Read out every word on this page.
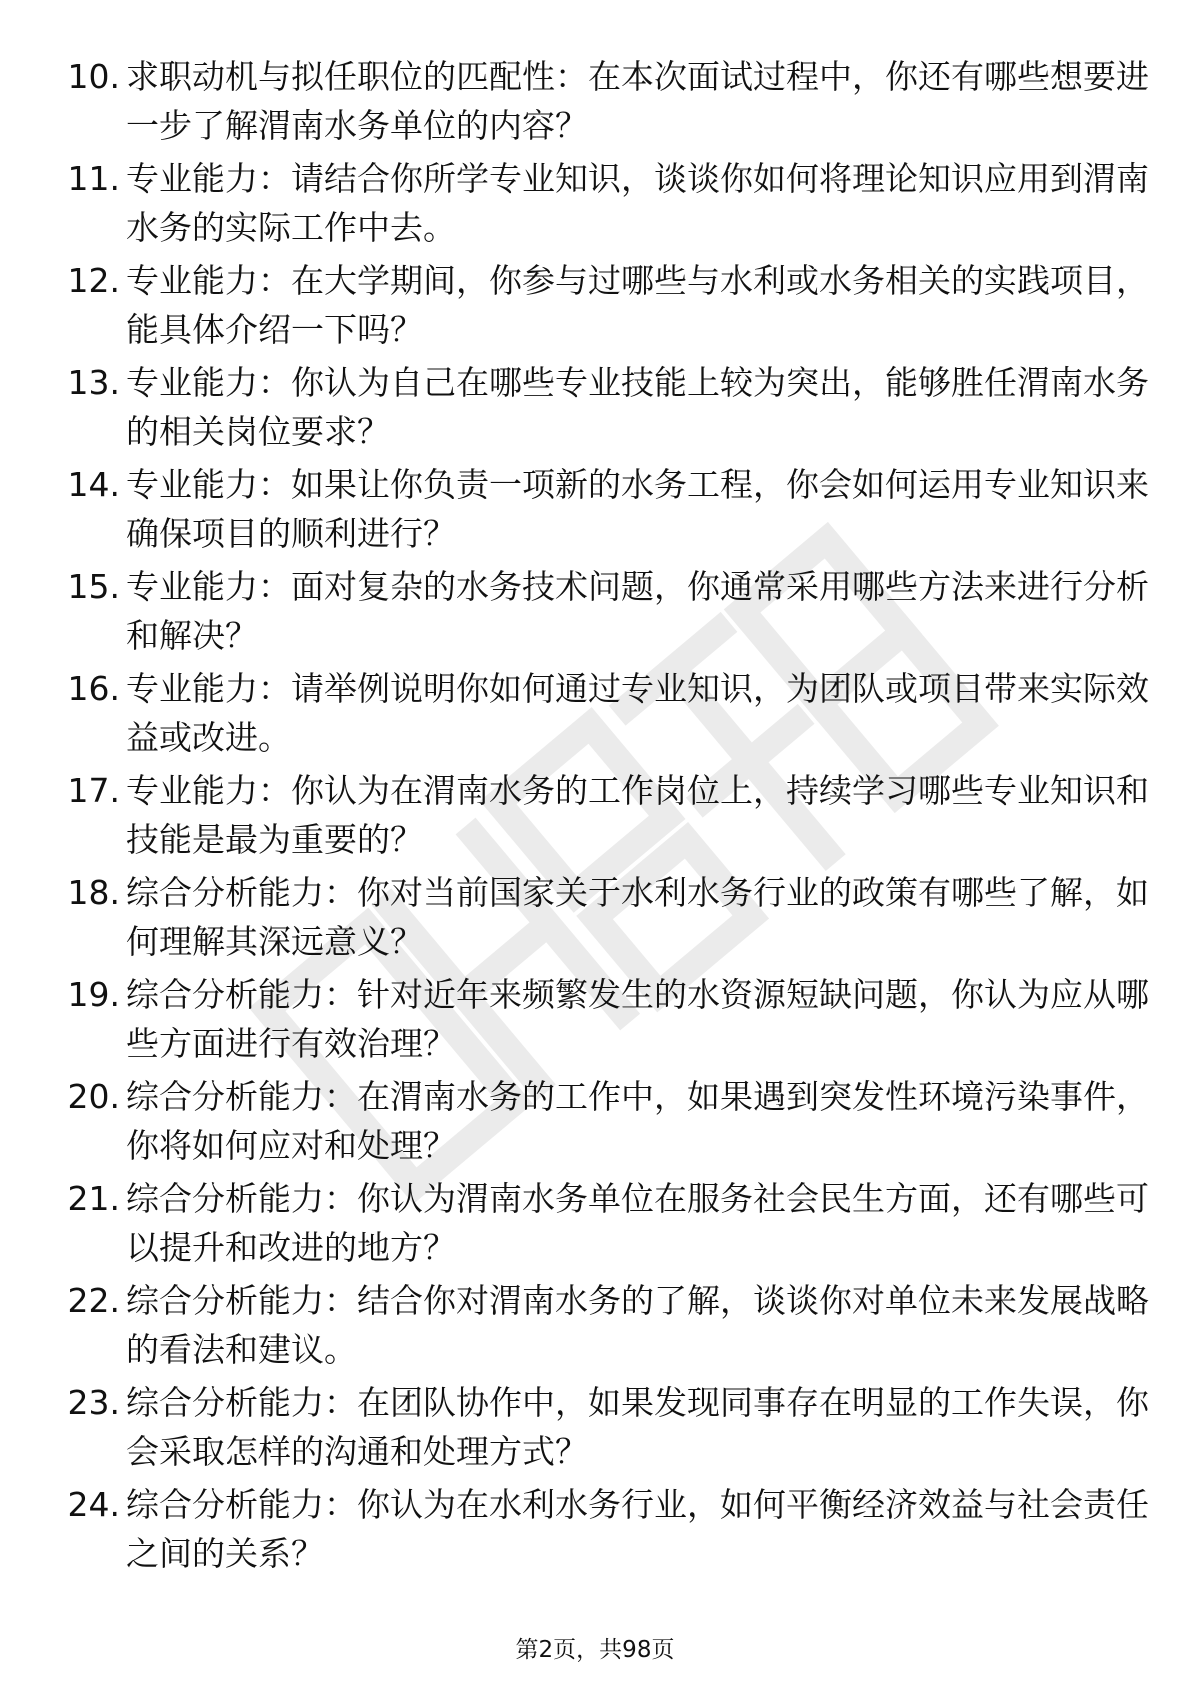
10. 求职动机与拟任职位的匹配性：在本次面试过程中，你还有哪些想要进一步了解渭南水务单位的内容？
11. 专业能力：请结合你所学专业知识，谈谈你如何将理论知识应用到渭南水务的实际工作中去。
12. 专业能力：在大学期间，你参与过哪些与水利或水务相关的实践项目，能具体介绍一下吗？
13. 专业能力：你认为自己在哪些专业技能上较为突出，能够胜任渭南水务的相关岗位要求？
14. 专业能力：如果让你负责一项新的水务工程，你会如何运用专业知识来确保项目的顺利进行？
15. 专业能力：面对复杂的水务技术问题，你通常采用哪些方法来进行分析和解决？
16. 专业能力：请举例说明你如何通过专业知识，为团队或项目带来实际效益或改进。
17. 专业能力：你认为在渭南水务的工作岗位上，持续学习哪些专业知识和技能是最为重要的？
18. 综合分析能力：你对当前国家关于水利水务行业的政策有哪些了解，如何理解其深远意义？
19. 综合分析能力：针对近年来频繁发生的水资源短缺问题，你认为应从哪些方面进行有效治理？
20. 综合分析能力：在渭南水务的工作中，如果遇到突发性环境污染事件，你将如何应对和处理？
21. 综合分析能力：你认为渭南水务单位在服务社会民生方面，还有哪些可以提升和改进的地方？
22. 综合分析能力：结合你对渭南水务的了解，谈谈你对单位未来发展战略的看法和建议。
23. 综合分析能力：在团队协作中，如果发现同事存在明显的工作失误，你会采取怎样的沟通和处理方式？
24. 综合分析能力：你认为在水利水务行业，如何平衡经济效益与社会责任之间的关系？
第2页，共98页
